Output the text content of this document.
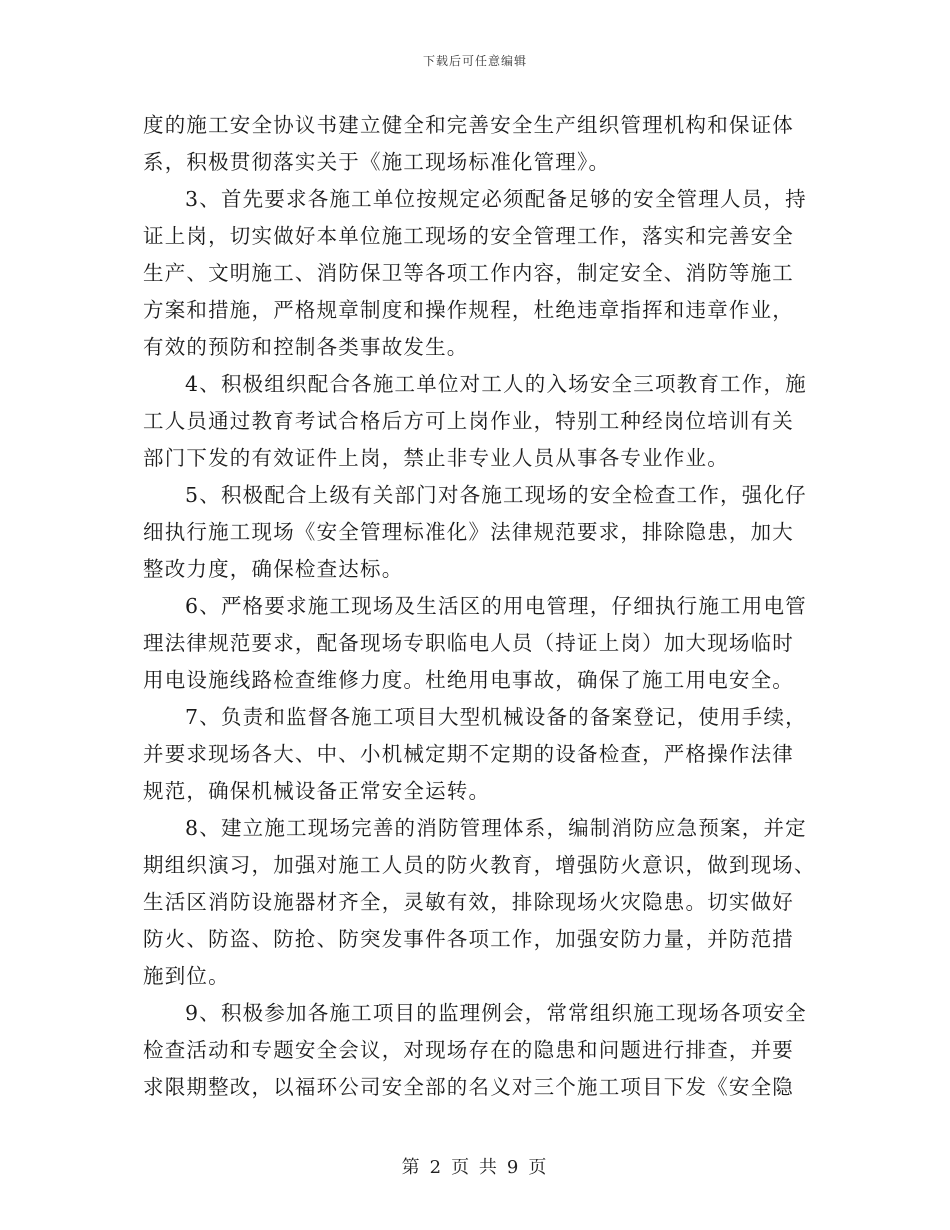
下载后可任意编辑
度的施工安全协议书建立健全和完善安全生产组织管理机构和保证体
系，积极贯彻落实关于《施工现场标准化管理》。
3、首先要求各施工单位按规定必须配备足够的安全管理人员，持
证上岗，切实做好本单位施工现场的安全管理工作，落实和完善安全
生产、文明施工、消防保卫等各项工作内容，制定安全、消防等施工
方案和措施，严格规章制度和操作规程，杜绝违章指挥和违章作业，
有效的预防和控制各类事故发生。
4、积极组织配合各施工单位对工人的入场安全三项教育工作，施
工人员通过教育考试合格后方可上岗作业，特别工种经岗位培训有关
部门下发的有效证件上岗，禁止非专业人员从事各专业作业。
5、积极配合上级有关部门对各施工现场的安全检查工作，强化仔
细执行施工现场《安全管理标准化》法律规范要求，排除隐患，加大
整改力度，确保检查达标。
6、严格要求施工现场及生活区的用电管理，仔细执行施工用电管
理法律规范要求，配备现场专职临电人员（持证上岗）加大现场临时
用电设施线路检查维修力度。杜绝用电事故，确保了施工用电安全。
7、负责和监督各施工项目大型机械设备的备案登记，使用手续，
并要求现场各大、中、小机械定期不定期的设备检查，严格操作法律
规范，确保机械设备正常安全运转。
8、建立施工现场完善的消防管理体系，编制消防应急预案，并定
期组织演习，加强对施工人员的防火教育，增强防火意识，做到现场、
生活区消防设施器材齐全，灵敏有效，排除现场火灾隐患。切实做好
防火、防盗、防抢、防突发事件各项工作，加强安防力量，并防范措
施到位。
9、积极参加各施工项目的监理例会，常常组织施工现场各项安全
检查活动和专题安全会议，对现场存在的隐患和问题进行排查，并要
求限期整改，以福环公司安全部的名义对三个施工项目下发《安全隐
第 2 页 共 9 页
